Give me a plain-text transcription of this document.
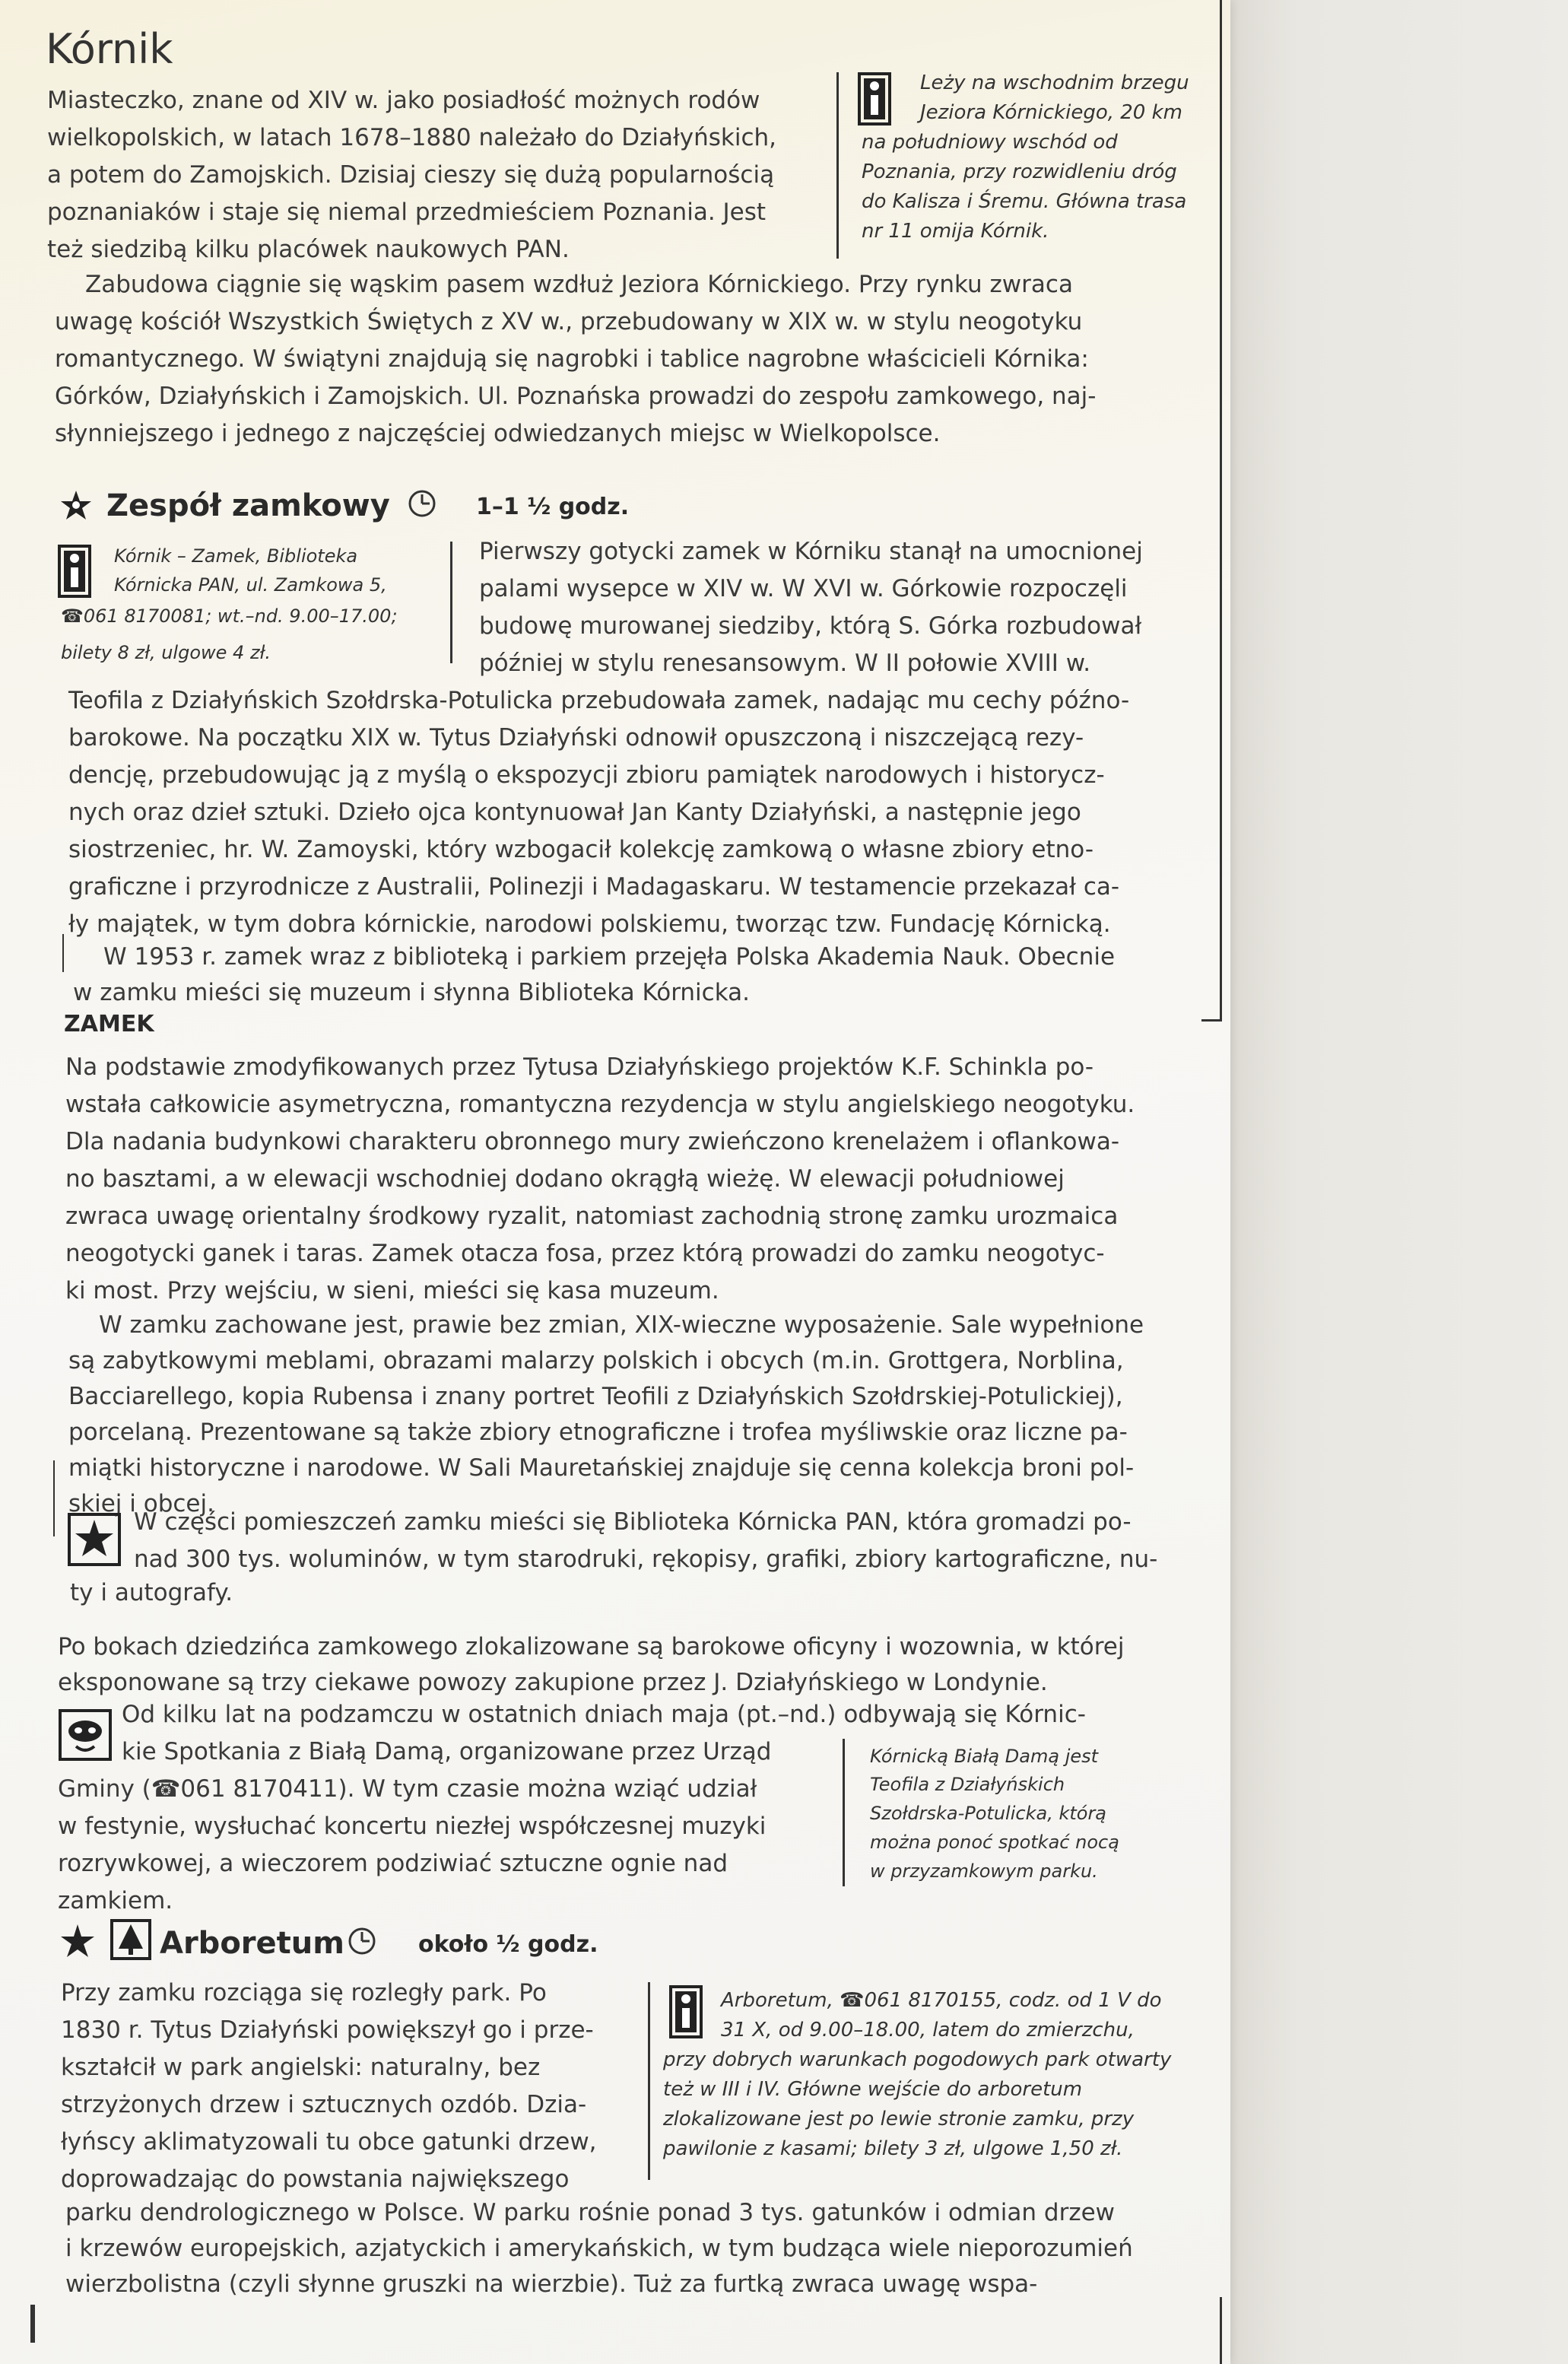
Kórnik

Miasteczko, znane od XIV w. jako posiadłość możnych rodów

wielkopolskich, w latach 1678–1880 należało do Działyńskich,

a potem do Zamojskich. Dzisiaj cieszy się dużą popularnością

poznaniaków i staje się niemal przedmieściem Poznania. Jest

też siedzibą kilku placówek naukowych PAN.

Leży na wschodnim brzegu

Jeziora Kórnickiego, 20 km

na południowy wschód od

Poznania, przy rozwidleniu dróg

do Kalisza i Śremu. Główna trasa

nr 11 omija Kórnik.

Zabudowa ciągnie się wąskim pasem wzdłuż Jeziora Kórnickiego. Przy rynku zwraca

uwagę kościół Wszystkich Świętych z XV w., przebudowany w XIX w. w stylu neogotyku

romantycznego. W świątyni znajdują się nagrobki i tablice nagrobne właścicieli Kórnika:

Górków, Działyńskich i Zamojskich. Ul. Poznańska prowadzi do zespołu zamkowego, naj-

słynniejszego i jednego z najczęściej odwiedzanych miejsc w Wielkopolsce.

Zespół zamkowy	1–1 ½ godz.

Kórnik – Zamek, Biblioteka

Kórnicka PAN, ul. Zamkowa 5,

☎061 8170081; wt.–nd. 9.00–17.00;

bilety 8 zł, ulgowe 4 zł.

Pierwszy gotycki zamek w Kórniku stanął na umocnionej

palami wysepce w XIV w. W XVI w. Górkowie rozpoczęli

budowę murowanej siedziby, którą S. Górka rozbudował

później w stylu renesansowym. W II połowie XVIII w.

Teofila z Działyńskich Szołdrska-Potulicka przebudowała zamek, nadając mu cechy późno-

barokowe. Na początku XIX w. Tytus Działyński odnowił opuszczoną i niszczejącą rezy-

dencję, przebudowując ją z myślą o ekspozycji zbioru pamiątek narodowych i historycz-

nych oraz dzieł sztuki. Dzieło ojca kontynuował Jan Kanty Działyński, a następnie jego

siostrzeniec, hr. W. Zamoyski, który wzbogacił kolekcję zamkową o własne zbiory etno-

graficzne i przyrodnicze z Australii, Polinezji i Madagaskaru. W testamencie przekazał ca-

ły majątek, w tym dobra kórnickie, narodowi polskiemu, tworząc tzw. Fundację Kórnicką.

W 1953 r. zamek wraz z biblioteką i parkiem przejęła Polska Akademia Nauk. Obecnie

w zamku mieści się muzeum i słynna Biblioteka Kórnicka.

ZAMEK

Na podstawie zmodyfikowanych przez Tytusa Działyńskiego projektów K.F. Schinkla po-

wstała całkowicie asymetryczna, romantyczna rezydencja w stylu angielskiego neogotyku.

Dla nadania budynkowi charakteru obronnego mury zwieńczono krenelażem i oflankowa-

no basztami, a w elewacji wschodniej dodano okrągłą wieżę. W elewacji południowej

zwraca uwagę orientalny środkowy ryzalit, natomiast zachodnią stronę zamku urozmaica

neogotycki ganek i taras. Zamek otacza fosa, przez którą prowadzi do zamku neogotyc-

ki most. Przy wejściu, w sieni, mieści się kasa muzeum.

W zamku zachowane jest, prawie bez zmian, XIX-wieczne wyposażenie. Sale wypełnione

są zabytkowymi meblami, obrazami malarzy polskich i obcych (m.in. Grottgera, Norblina,

Bacciarellego, kopia Rubensa i znany portret Teofili z Działyńskich Szołdrskiej-Potulickiej),

porcelaną. Prezentowane są także zbiory etnograficzne i trofea myśliwskie oraz liczne pa-

miątki historyczne i narodowe. W Sali Mauretańskiej znajduje się cenna kolekcja broni pol-

skiej i obcej.

W części pomieszczeń zamku mieści się Biblioteka Kórnicka PAN, która gromadzi po-

nad 300 tys. woluminów, w tym starodruki, rękopisy, grafiki, zbiory kartograficzne, nu-

ty i autografy.

Po bokach dziedzińca zamkowego zlokalizowane są barokowe oficyny i wozownia, w której

eksponowane są trzy ciekawe powozy zakupione przez J. Działyńskiego w Londynie.

Od kilku lat na podzamczu w ostatnich dniach maja (pt.–nd.) odbywają się Kórnic-

kie Spotkania z Białą Damą, organizowane przez Urząd

Gminy (☎061 8170411). W tym czasie można wziąć udział

w festynie, wysłuchać koncertu niezłej współczesnej muzyki

rozrywkowej, a wieczorem podziwiać sztuczne ognie nad

zamkiem.

Kórnicką Białą Damą jest

Teofila z Działyńskich

Szołdrska-Potulicka, którą

można ponoć spotkać nocą

w przyzamkowym parku.

Arboretum	około ½ godz.

Przy zamku rozciąga się rozległy park. Po

1830 r. Tytus Działyński powiększył go i prze-

kształcił w park angielski: naturalny, bez

strzyżonych drzew i sztucznych ozdób. Dzia-

łyńscy aklimatyzowali tu obce gatunki drzew,

doprowadzając do powstania największego

Arboretum, ☎061 8170155, codz. od 1 V do

31 X, od 9.00–18.00, latem do zmierzchu,

przy dobrych warunkach pogodowych park otwarty

też w III i IV. Główne wejście do arboretum

zlokalizowane jest po lewie stronie zamku, przy

pawilonie z kasami; bilety 3 zł, ulgowe 1,50 zł.

parku dendrologicznego w Polsce. W parku rośnie ponad 3 tys. gatunków i odmian drzew

i krzewów europejskich, azjatyckich i amerykańskich, w tym budząca wiele nieporozumień

wierzbolistna (czyli słynne gruszki na wierzbie). Tuż za furtką zwraca uwagę wspa-
